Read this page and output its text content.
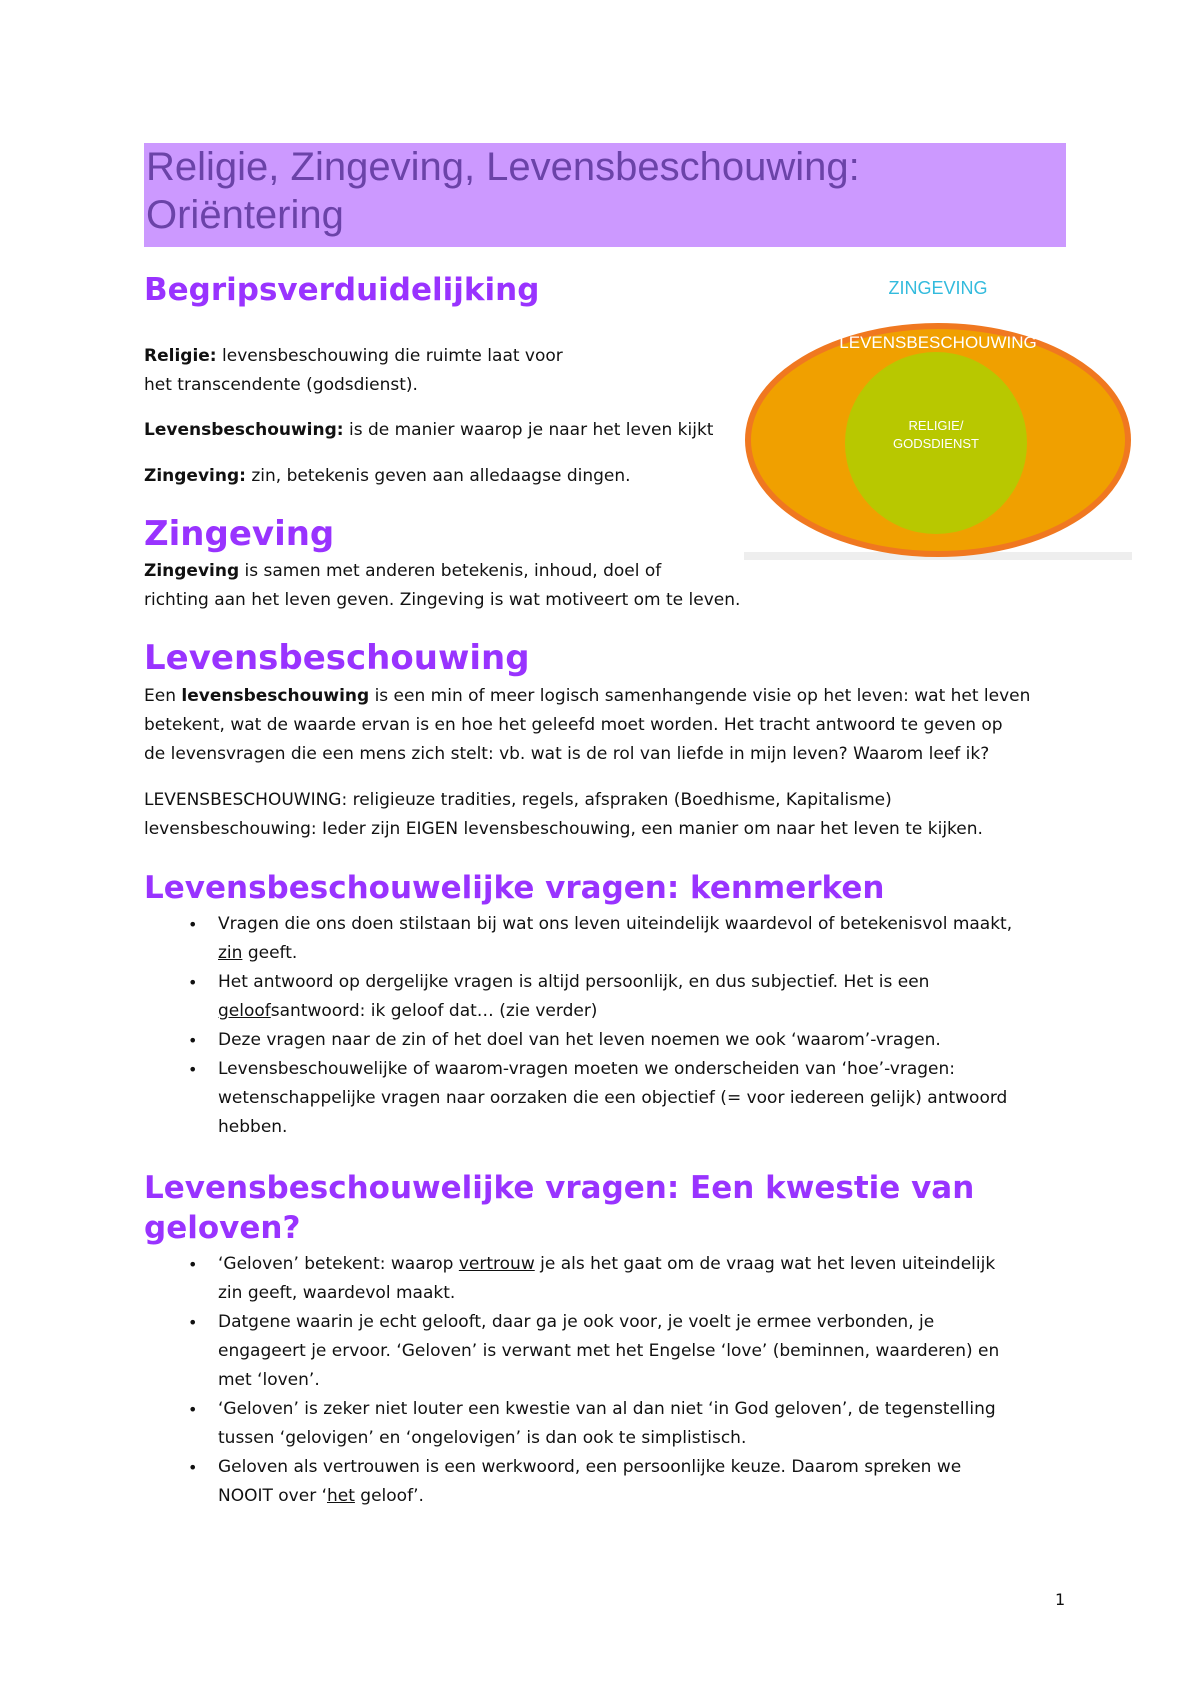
Religie, Zingeving, Levensbeschouwing: Oriëntering
Begripsverduidelijking

Religie: levensbeschouwing die ruimte laat voor
het transcendente (godsdienst).

Levensbeschouwing: is de manier waarop je naar het leven kijkt

Zingeving: zin, betekenis geven aan alledaagse dingen.

ZINGEVING
LEVENSBESCHOUWING
RELIGIE/
GODSDIENST
Zingeving

Zingeving is samen met anderen betekenis, inhoud, doel of
richting aan het leven geven. Zingeving is wat motiveert om te leven.

Levensbeschouwing

Een levensbeschouwing is een min of meer logisch samenhangende visie op het leven: wat het leven
betekent, wat de waarde ervan is en hoe het geleefd moet worden. Het tracht antwoord te geven op
de levensvragen die een mens zich stelt: vb. wat is de rol van liefde in mijn leven? Waarom leef ik?

LEVENSBESCHOUWING: religieuze tradities, regels, afspraken (Boedhisme, Kapitalisme)
levensbeschouwing: Ieder zijn EIGEN levensbeschouwing, een manier om naar het leven te kijken.

Levensbeschouwelijke vragen: kenmerken
• Vragen die ons doen stilstaan bij wat ons leven uiteindelijk waardevol of betekenisvol maakt,
zin geeft.
• Het antwoord op dergelijke vragen is altijd persoonlijk, en dus subjectief. Het is een
geloofsantwoord: ik geloof dat… (zie verder)
• Deze vragen naar de zin of het doel van het leven noemen we ook ‘waarom’-vragen.
• Levensbeschouwelijke of waarom-vragen moeten we onderscheiden van ‘hoe’-vragen:
wetenschappelijke vragen naar oorzaken die een objectief (= voor iedereen gelijk) antwoord
hebben.
Levensbeschouwelijke vragen: Een kwestie van
geloven?
• ‘Geloven’ betekent: waarop vertrouw je als het gaat om de vraag wat het leven uiteindelijk
zin geeft, waardevol maakt.
• Datgene waarin je echt gelooft, daar ga je ook voor, je voelt je ermee verbonden, je
engageert je ervoor. ‘Geloven’ is verwant met het Engelse ‘love’ (beminnen, waarderen) en
met ‘loven’.
• ‘Geloven’ is zeker niet louter een kwestie van al dan niet ‘in God geloven’, de tegenstelling
tussen ‘gelovigen’ en ‘ongelovigen’ is dan ook te simplistisch.
• Geloven als vertrouwen is een werkwoord, een persoonlijke keuze. Daarom spreken we
NOOIT over ‘het geloof’.
1
